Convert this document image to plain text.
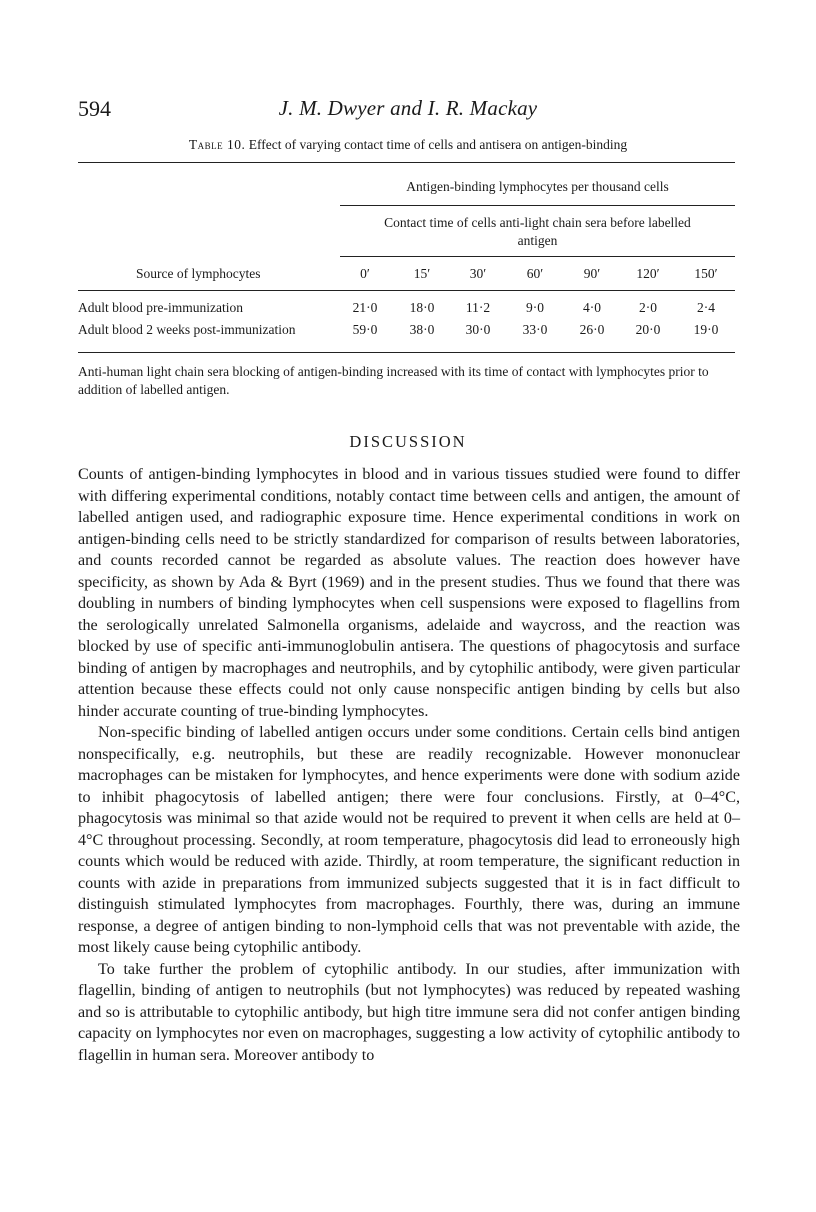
594	J. M. Dwyer and I. R. Mackay
Table 10. Effect of varying contact time of cells and antisera on antigen-binding
Antigen-binding lymphocytes per thousand cells
Contact time of cells anti-light chain sera before labelled
antigen
Source of lymphocytes	0′	15′	30′	60′	90′	120′	150′
Adult blood pre-immunization	21·0	18·0	11·2	9·0	4·0	2·0	2·4
Adult blood 2 weeks post-immunization	59·0	38·0	30·0	33·0	26·0	20·0	19·0
Anti-human light chain sera blocking of antigen-binding increased with its time of contact with lymphocytes prior to addition of labelled antigen.
DISCUSSION

Counts of antigen-binding lymphocytes in blood and in various tissues studied were found to differ with differing experimental conditions, notably contact time between cells and antigen, the amount of labelled antigen used, and radiographic exposure time. Hence experimental conditions in work on antigen-binding cells need to be strictly standardized for comparison of results between laboratories, and counts recorded cannot be regarded as absolute values. The reaction does however have specificity, as shown by Ada & Byrt (1969) and in the present studies. Thus we found that there was doubling in numbers of binding lymphocytes when cell suspensions were exposed to flagellins from the serologically unrelated Salmonella organisms, adelaide and waycross, and the reaction was blocked by use of specific anti-immunoglobulin antisera. The questions of phagocytosis and surface binding of antigen by macrophages and neutrophils, and by cytophilic antibody, were given particular attention because these effects could not only cause nonspecific antigen binding by cells but also hinder accurate counting of true-binding lymphocytes.

Non-specific binding of labelled antigen occurs under some conditions. Certain cells bind antigen nonspecifically, e.g. neutrophils, but these are readily recognizable. However mononuclear macrophages can be mistaken for lymphocytes, and hence experiments were done with sodium azide to inhibit phagocytosis of labelled antigen; there were four conclusions. Firstly, at 0–4°C, phagocytosis was minimal so that azide would not be required to prevent it when cells are held at 0–4°C throughout processing. Secondly, at room temperature, phagocytosis did lead to erroneously high counts which would be reduced with azide. Thirdly, at room temperature, the significant reduction in counts with azide in preparations from immunized subjects suggested that it is in fact difficult to distinguish stimulated lymphocytes from macrophages. Fourthly, there was, during an immune response, a degree of antigen binding to non-lymphoid cells that was not preventable with azide, the most likely cause being cytophilic antibody.

To take further the problem of cytophilic antibody. In our studies, after immunization with flagellin, binding of antigen to neutrophils (but not lymphocytes) was reduced by repeated washing and so is attributable to cytophilic antibody, but high titre immune sera did not confer antigen binding capacity on lymphocytes nor even on macrophages, suggesting a low activity of cytophilic antibody to flagellin in human sera. Moreover antibody to
